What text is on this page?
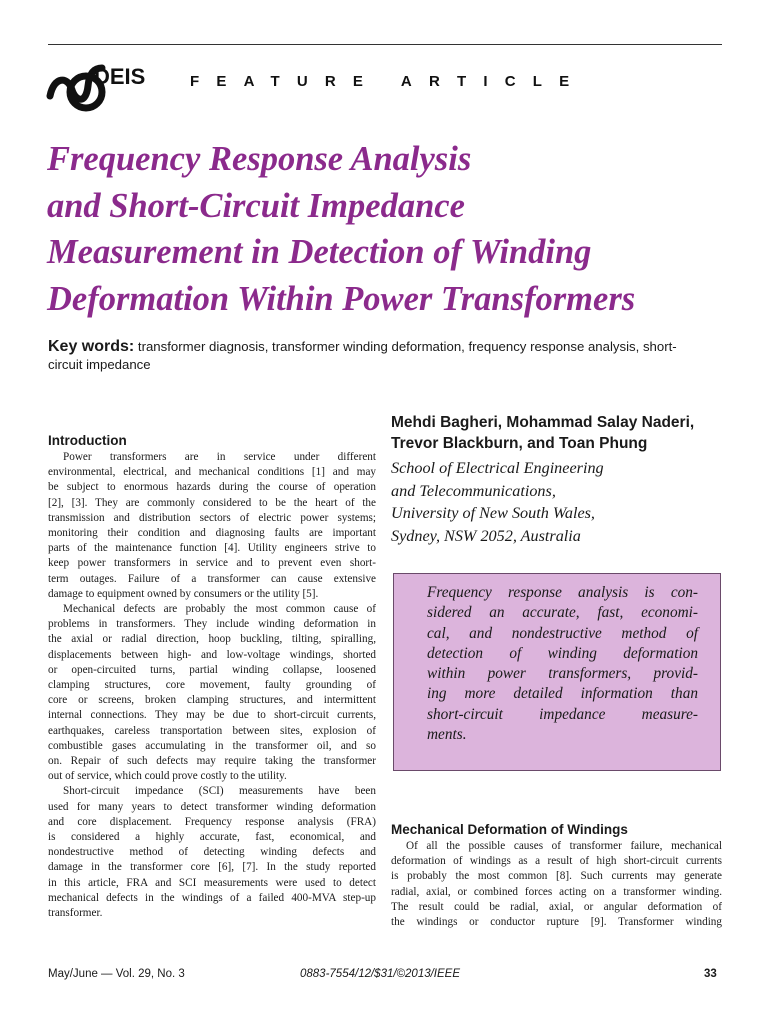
DEIS	FEATURE ARTICLE
Frequency Response Analysis
and Short-Circuit Impedance
Measurement in Detection of Winding
Deformation Within Power Transformers
Key words: transformer diagnosis, transformer winding deformation, frequency response analysis, short-circuit impedance
Mehdi Bagheri, Mohammad Salay Naderi,
Trevor Blackburn, and Toan Phung
School of Electrical Engineering
and Telecommunications,
University of New South Wales,
Sydney, NSW 2052, Australia
Frequency response analysis is con-
sidered an accurate, fast, economi-
cal, and nondestructive method of
detection of winding deformation
within power transformers, provid-
ing more detailed information than
short-circuit impedance measure-
ments.
Introduction
Power transformers are in service under different
environmental, electrical, and mechanical conditions [1] and may
be subject to enormous hazards during the course of operation
[2], [3]. They are commonly considered to be the heart of the
transmission and distribution sectors of electric power systems;
monitoring their condition and diagnosing faults are important
parts of the maintenance function [4]. Utility engineers strive to
keep power transformers in service and to prevent even short-
term outages. Failure of a transformer can cause extensive
damage to equipment owned by consumers or the utility [5].
Mechanical defects are probably the most common cause of
problems in transformers. They include winding deformation in
the axial or radial direction, hoop buckling, tilting, spiralling,
displacements between high- and low-voltage windings, shorted
or open-circuited turns, partial winding collapse, loosened
clamping structures, core movement, faulty grounding of
core or screens, broken clamping structures, and intermittent
internal connections. They may be due to short-circuit currents,
earthquakes, careless transportation between sites, explosion of
combustible gases accumulating in the transformer oil, and so
on. Repair of such defects may require taking the transformer
out of service, which could prove costly to the utility.
Short-circuit impedance (SCI) measurements have been
used for many years to detect transformer winding deformation
and core displacement. Frequency response analysis (FRA)
is considered a highly accurate, fast, economical, and
nondestructive method of detecting winding defects and
damage in the transformer core [6], [7]. In the study reported
in this article, FRA and SCI measurements were used to detect
mechanical defects in the windings of a failed 400-MVA step-up
transformer.
Mechanical Deformation of Windings
Of all the possible causes of transformer failure, mechanical
deformation of windings as a result of high short-circuit currents
is probably the most common [8]. Such currents may generate
radial, axial, or combined forces acting on a transformer winding.
The result could be radial, axial, or angular deformation of
the windings or conductor rupture [9]. Transformer winding
May/June — Vol. 29, No. 3	0883-7554/12/$31/©2013/IEEE	33
